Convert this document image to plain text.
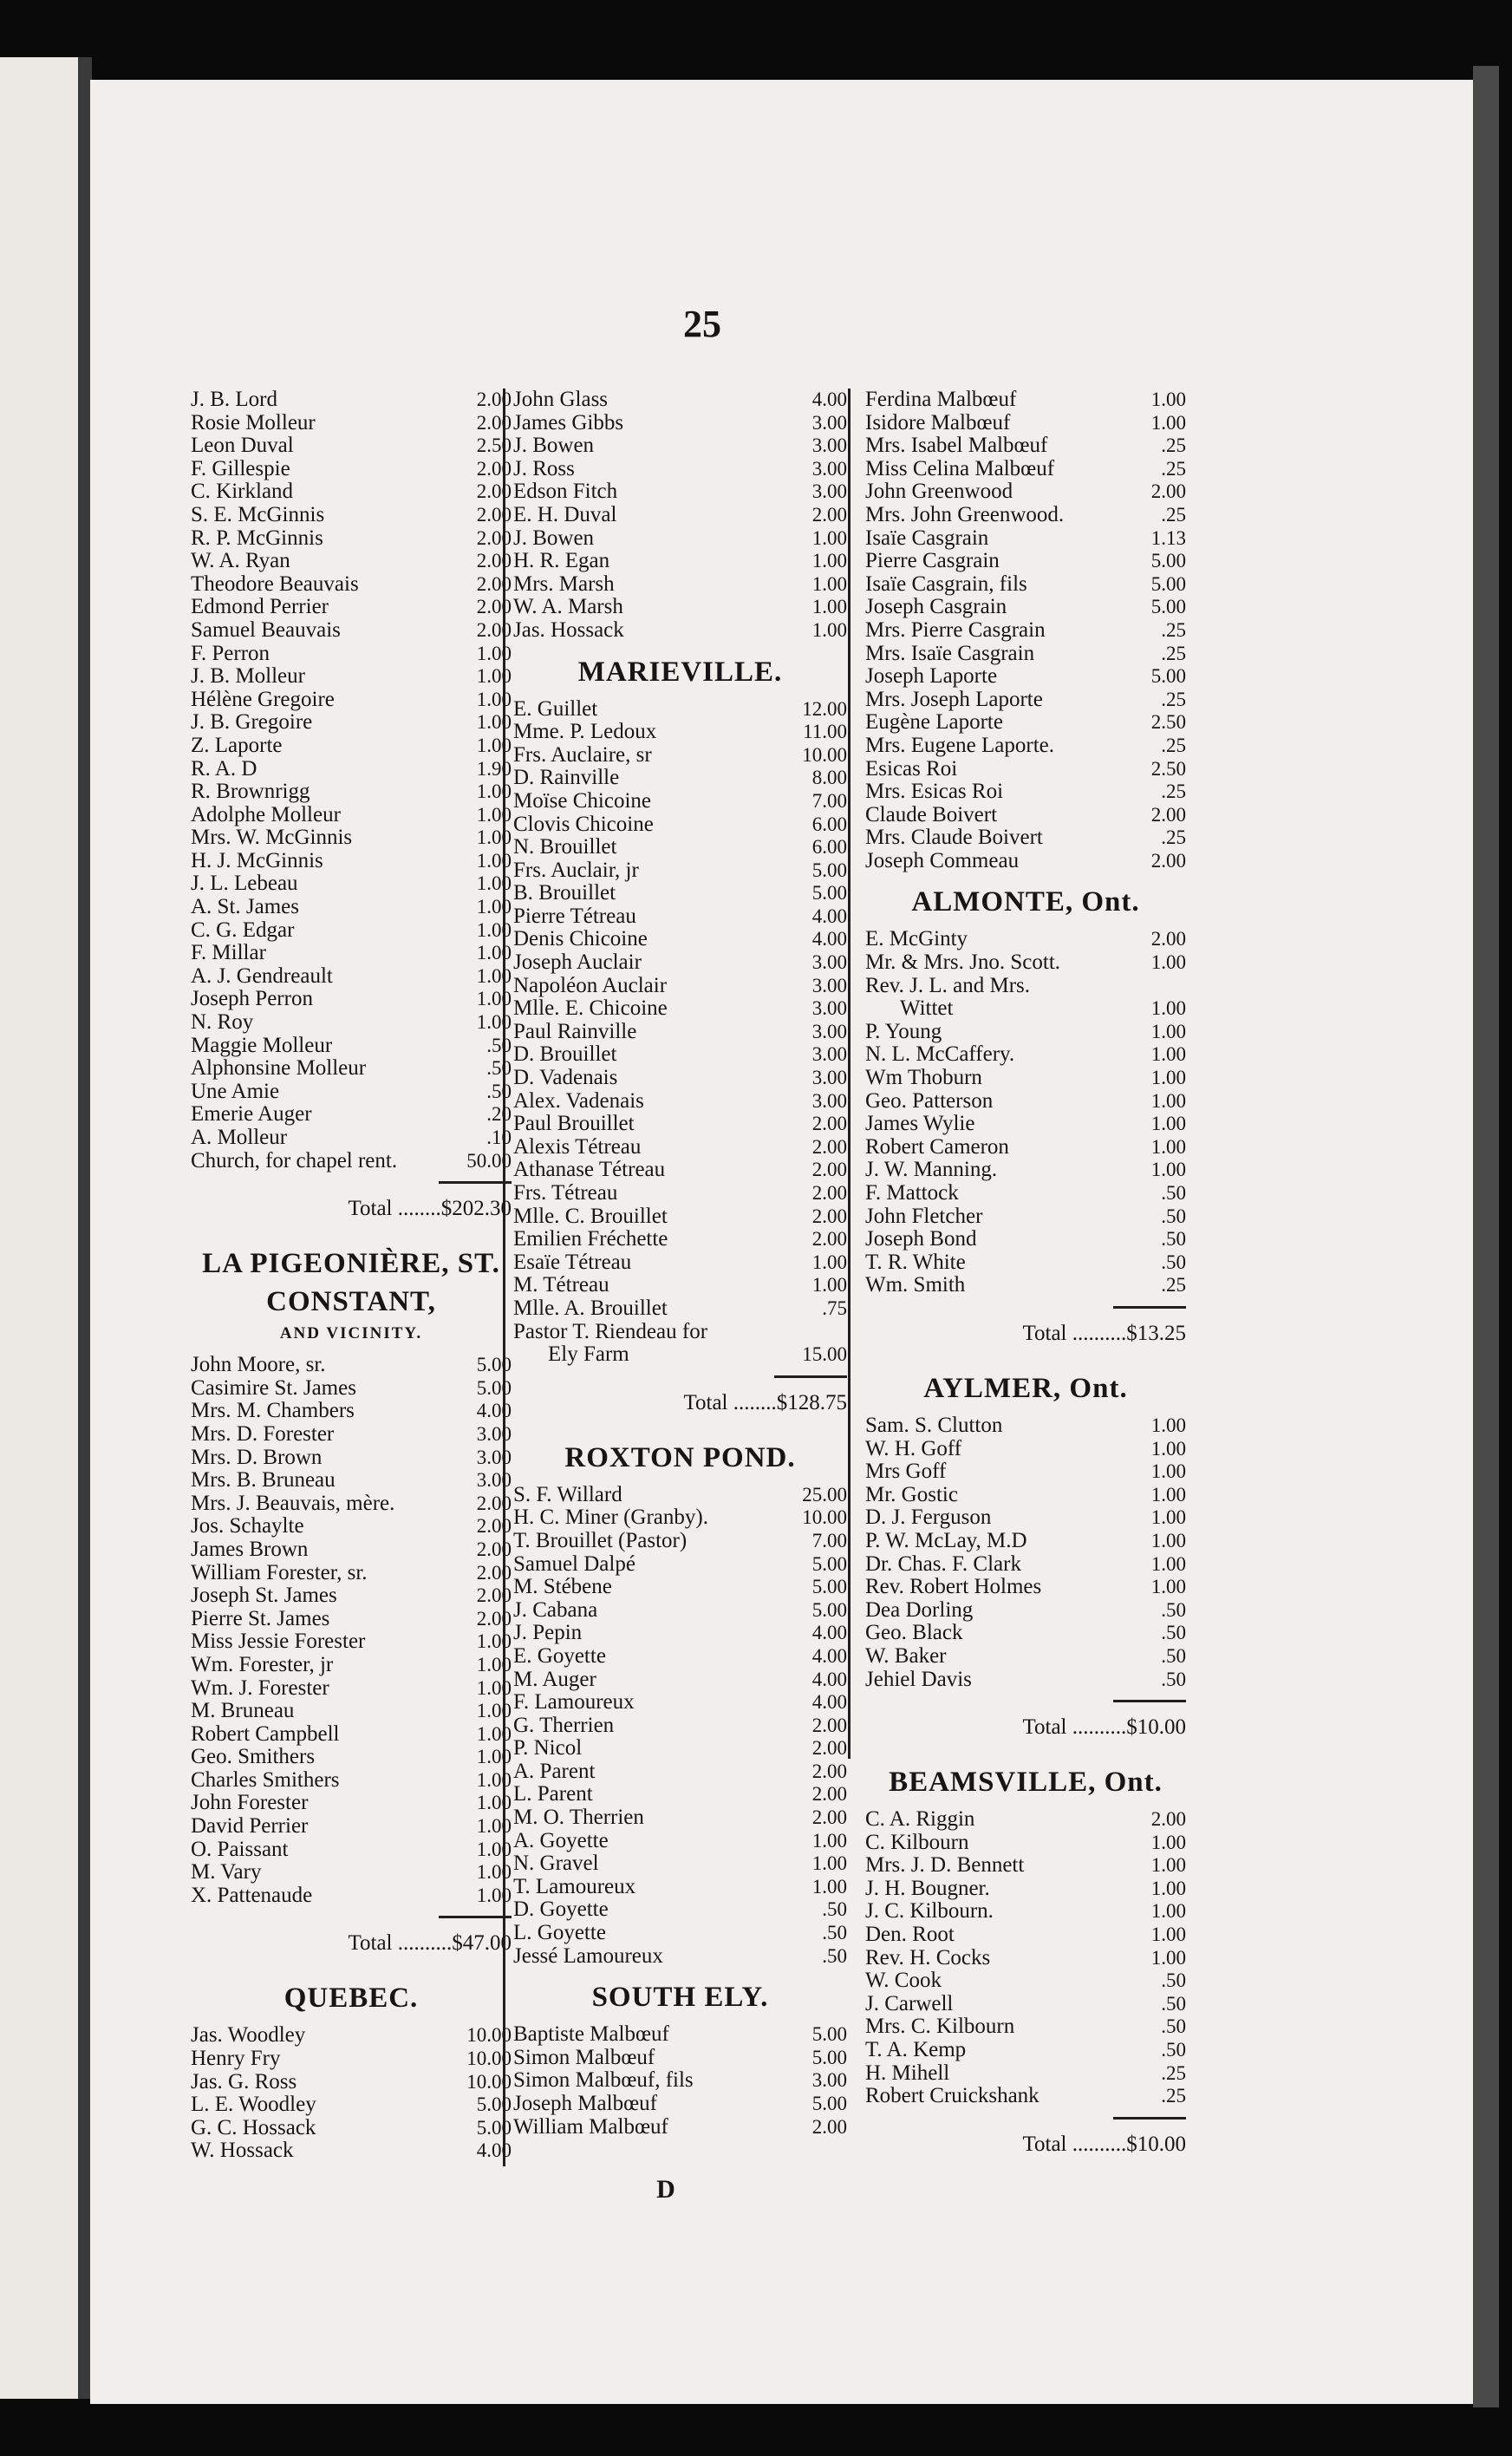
25
J. B. Lord	2.00
Rosie Molleur	2.00
Leon Duval	2.50
F. Gillespie	2.00
C. Kirkland	2.00
S. E. McGinnis	2.00
R. P. McGinnis	2.00
W. A. Ryan	2.00
Theodore Beauvais	2.00
Edmond Perrier	2.00
Samuel Beauvais	2.00
F. Perron	1.00
J. B. Molleur	1.00
Hélène Gregoire	1.00
J. B. Gregoire	1.00
Z. Laporte	1.00
R. A. D	1.90
R. Brownrigg	1.00
Adolphe Molleur	1.00
Mrs. W. McGinnis	1.00
H. J. McGinnis	1.00
J. L. Lebeau	1.00
A. St. James	1.00
C. G. Edgar	1.00
F. Millar	1.00
A. J. Gendreault	1.00
Joseph Perron	1.00
N. Roy	1.00
Maggie Molleur	.50
Alphonsine Molleur	.50
Une Amie	.50
Emerie Auger	.20
A. Molleur	.10
Church, for chapel rent.	50.00
Total ........$202.30
LA PIGEONIÈRE, ST. CONSTANT,
AND VICINITY.
John Moore, sr.	5.00
Casimire St. James	5.00
Mrs. M. Chambers	4.00
Mrs. D. Forester	3.00
Mrs. D. Brown	3.00
Mrs. B. Bruneau	3.00
Mrs. J. Beauvais, mère.	2.00
Jos. Schaylte	2.00
James Brown	2.00
William Forester, sr.	2.00
Joseph St. James	2.00
Pierre St. James	2.00
Miss Jessie Forester	1.00
Wm. Forester, jr	1.00
Wm. J. Forester	1.00
M. Bruneau	1.00
Robert Campbell	1.00
Geo. Smithers	1.00
Charles Smithers	1.00
John Forester	1.00
David Perrier	1.00
O. Paissant	1.00
M. Vary	1.00
X. Pattenaude	1.00
Total ..........$47.00
QUEBEC.
Jas. Woodley	10.00
Henry Fry	10.00
Jas. G. Ross	10.00
L. E. Woodley	5.00
G. C. Hossack	5.00
W. Hossack	4.00
John Glass	4.00
James Gibbs	3.00
J. Bowen	3.00
J. Ross	3.00
Edson Fitch	3.00
E. H. Duval	2.00
J. Bowen	1.00
H. R. Egan	1.00
Mrs. Marsh	1.00
W. A. Marsh	1.00
Jas. Hossack	1.00
MARIEVILLE.
E. Guillet	12.00
Mme. P. Ledoux	11.00
Frs. Auclaire, sr	10.00
D. Rainville	8.00
Moïse Chicoine	7.00
Clovis Chicoine	6.00
N. Brouillet	6.00
Frs. Auclair, jr	5.00
B. Brouillet	5.00
Pierre Tétreau	4.00
Denis Chicoine	4.00
Joseph Auclair	3.00
Napoléon Auclair	3.00
Mlle. E. Chicoine	3.00
Paul Rainville	3.00
D. Brouillet	3.00
D. Vadenais	3.00
Alex. Vadenais	3.00
Paul Brouillet	2.00
Alexis Tétreau	2.00
Athanase Tétreau	2.00
Frs. Tétreau	2.00
Mlle. C. Brouillet	2.00
Emilien Fréchette	2.00
Esaïe Tétreau	1.00
M. Tétreau	1.00
Mlle. A. Brouillet	.75
Pastor T. Riendeau for
Ely Farm	15.00
Total ........$128.75
ROXTON POND.
S. F. Willard	25.00
H. C. Miner (Granby).	10.00
T. Brouillet (Pastor)	7.00
Samuel Dalpé	5.00
M. Stébene	5.00
J. Cabana	5.00
J. Pepin	4.00
E. Goyette	4.00
M. Auger	4.00
F. Lamoureux	4.00
G. Therrien	2.00
P. Nicol	2.00
A. Parent	2.00
L. Parent	2.00
M. O. Therrien	2.00
A. Goyette	1.00
N. Gravel	1.00
T. Lamoureux	1.00
D. Goyette	.50
L. Goyette	.50
Jessé Lamoureux	.50
SOUTH ELY.
Baptiste Malbœuf	5.00
Simon Malbœuf	5.00
Simon Malbœuf, fils	3.00
Joseph Malbœuf	5.00
William Malbœuf	2.00
Ferdina Malbœuf	1.00
Isidore Malbœuf	1.00
Mrs. Isabel Malbœuf	.25
Miss Celina Malbœuf	.25
John Greenwood	2.00
Mrs. John Greenwood.	.25
Isaïe Casgrain	1.13
Pierre Casgrain	5.00
Isaïe Casgrain, fils	5.00
Joseph Casgrain	5.00
Mrs. Pierre Casgrain	.25
Mrs. Isaïe Casgrain	.25
Joseph Laporte	5.00
Mrs. Joseph Laporte	.25
Eugène Laporte	2.50
Mrs. Eugene Laporte.	.25
Esicas Roi	2.50
Mrs. Esicas Roi	.25
Claude Boivert	2.00
Mrs. Claude Boivert	.25
Joseph Commeau	2.00
ALMONTE, Ont.
E. McGinty	2.00
Mr. & Mrs. Jno. Scott.	1.00
Rev. J. L. and Mrs.
Wittet	1.00
P. Young	1.00
N. L. McCaffery.	1.00
Wm Thoburn	1.00
Geo. Patterson	1.00
James Wylie	1.00
Robert Cameron	1.00
J. W. Manning.	1.00
F. Mattock	.50
John Fletcher	.50
Joseph Bond	.50
T. R. White	.50
Wm. Smith	.25
Total ..........$13.25
AYLMER, Ont.
Sam. S. Clutton	1.00
W. H. Goff	1.00
Mrs Goff	1.00
Mr. Gostic	1.00
D. J. Ferguson	1.00
P. W. McLay, M.D	1.00
Dr. Chas. F. Clark	1.00
Rev. Robert Holmes	1.00
Dea Dorling	.50
Geo. Black	.50
W. Baker	.50
Jehiel Davis	.50
Total ..........$10.00
BEAMSVILLE, Ont.
C. A. Riggin	2.00
C. Kilbourn	1.00
Mrs. J. D. Bennett	1.00
J. H. Bougner.	1.00
J. C. Kilbourn.	1.00
Den. Root	1.00
Rev. H. Cocks	1.00
W. Cook	.50
J. Carwell	.50
Mrs. C. Kilbourn	.50
T. A. Kemp	.50
H. Mihell	.25
Robert Cruickshank	.25
Total ..........$10.00
D
